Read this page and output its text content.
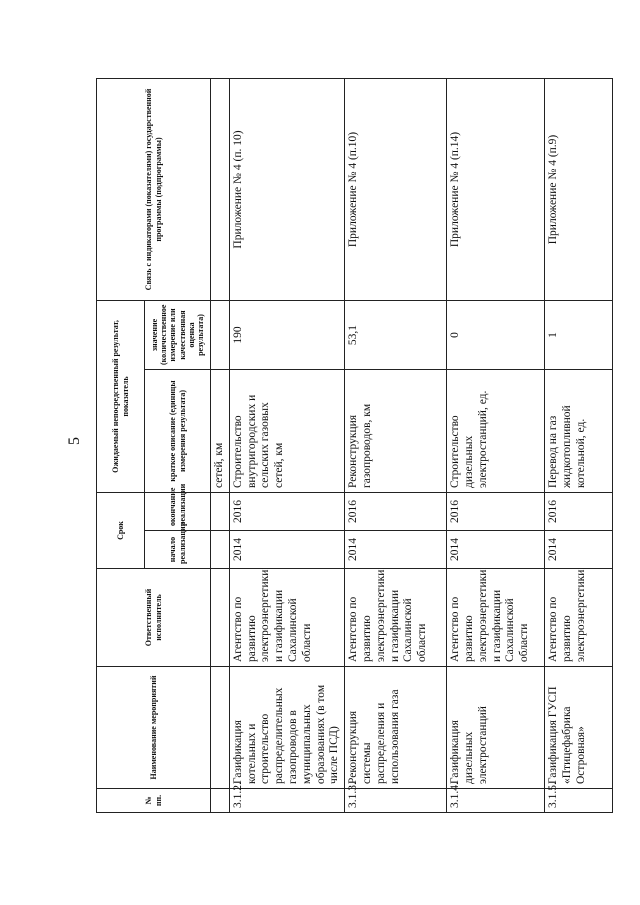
5
№ пп.	Наименование мероприятий	Ответственный исполнитель	Срок		Ожидаемый непосредственный результат, показатель		Связь с индикаторами (показателями) государственной программы (подпрограммы)
			начало реализации	окончание реализации	краткое описание (единицы измерения результата)	значение (количественное измерение или качественная оценка результата)	
					сетей, км		
3.1.2.	Газификация котельных и строительство распределительных газопроводов в муниципальных образованиях (в том числе ПСД)	Агентство по развитию электроэнергетики и газификации Сахалинской области	2014	2016	Строительство внутригородских и сельских газовых сетей, км	190	Приложение № 4 (п. 10)
3.1.3.	Реконструкция системы распределения и использования газа	Агентство по развитию электроэнергетики и газификации Сахалинской области	2014	2016	Реконструкция газопроводов, км	53,1	Приложение № 4 (п.10)
3.1.4.	Газификация дизельных электростанций	Агентство по развитию электроэнергетики и газификации Сахалинской области	2014	2016	Строительство дизельных электростанций, ед.	0	Приложение № 4 (п.14)
3.1.5.	Газификация ГУСП «Птицефабрика Островная»	Агентство по развитию электроэнергетики	2014	2016	Перевод на газ жидкотопливной котельной, ед.	1	Приложение № 4 (п.9)
